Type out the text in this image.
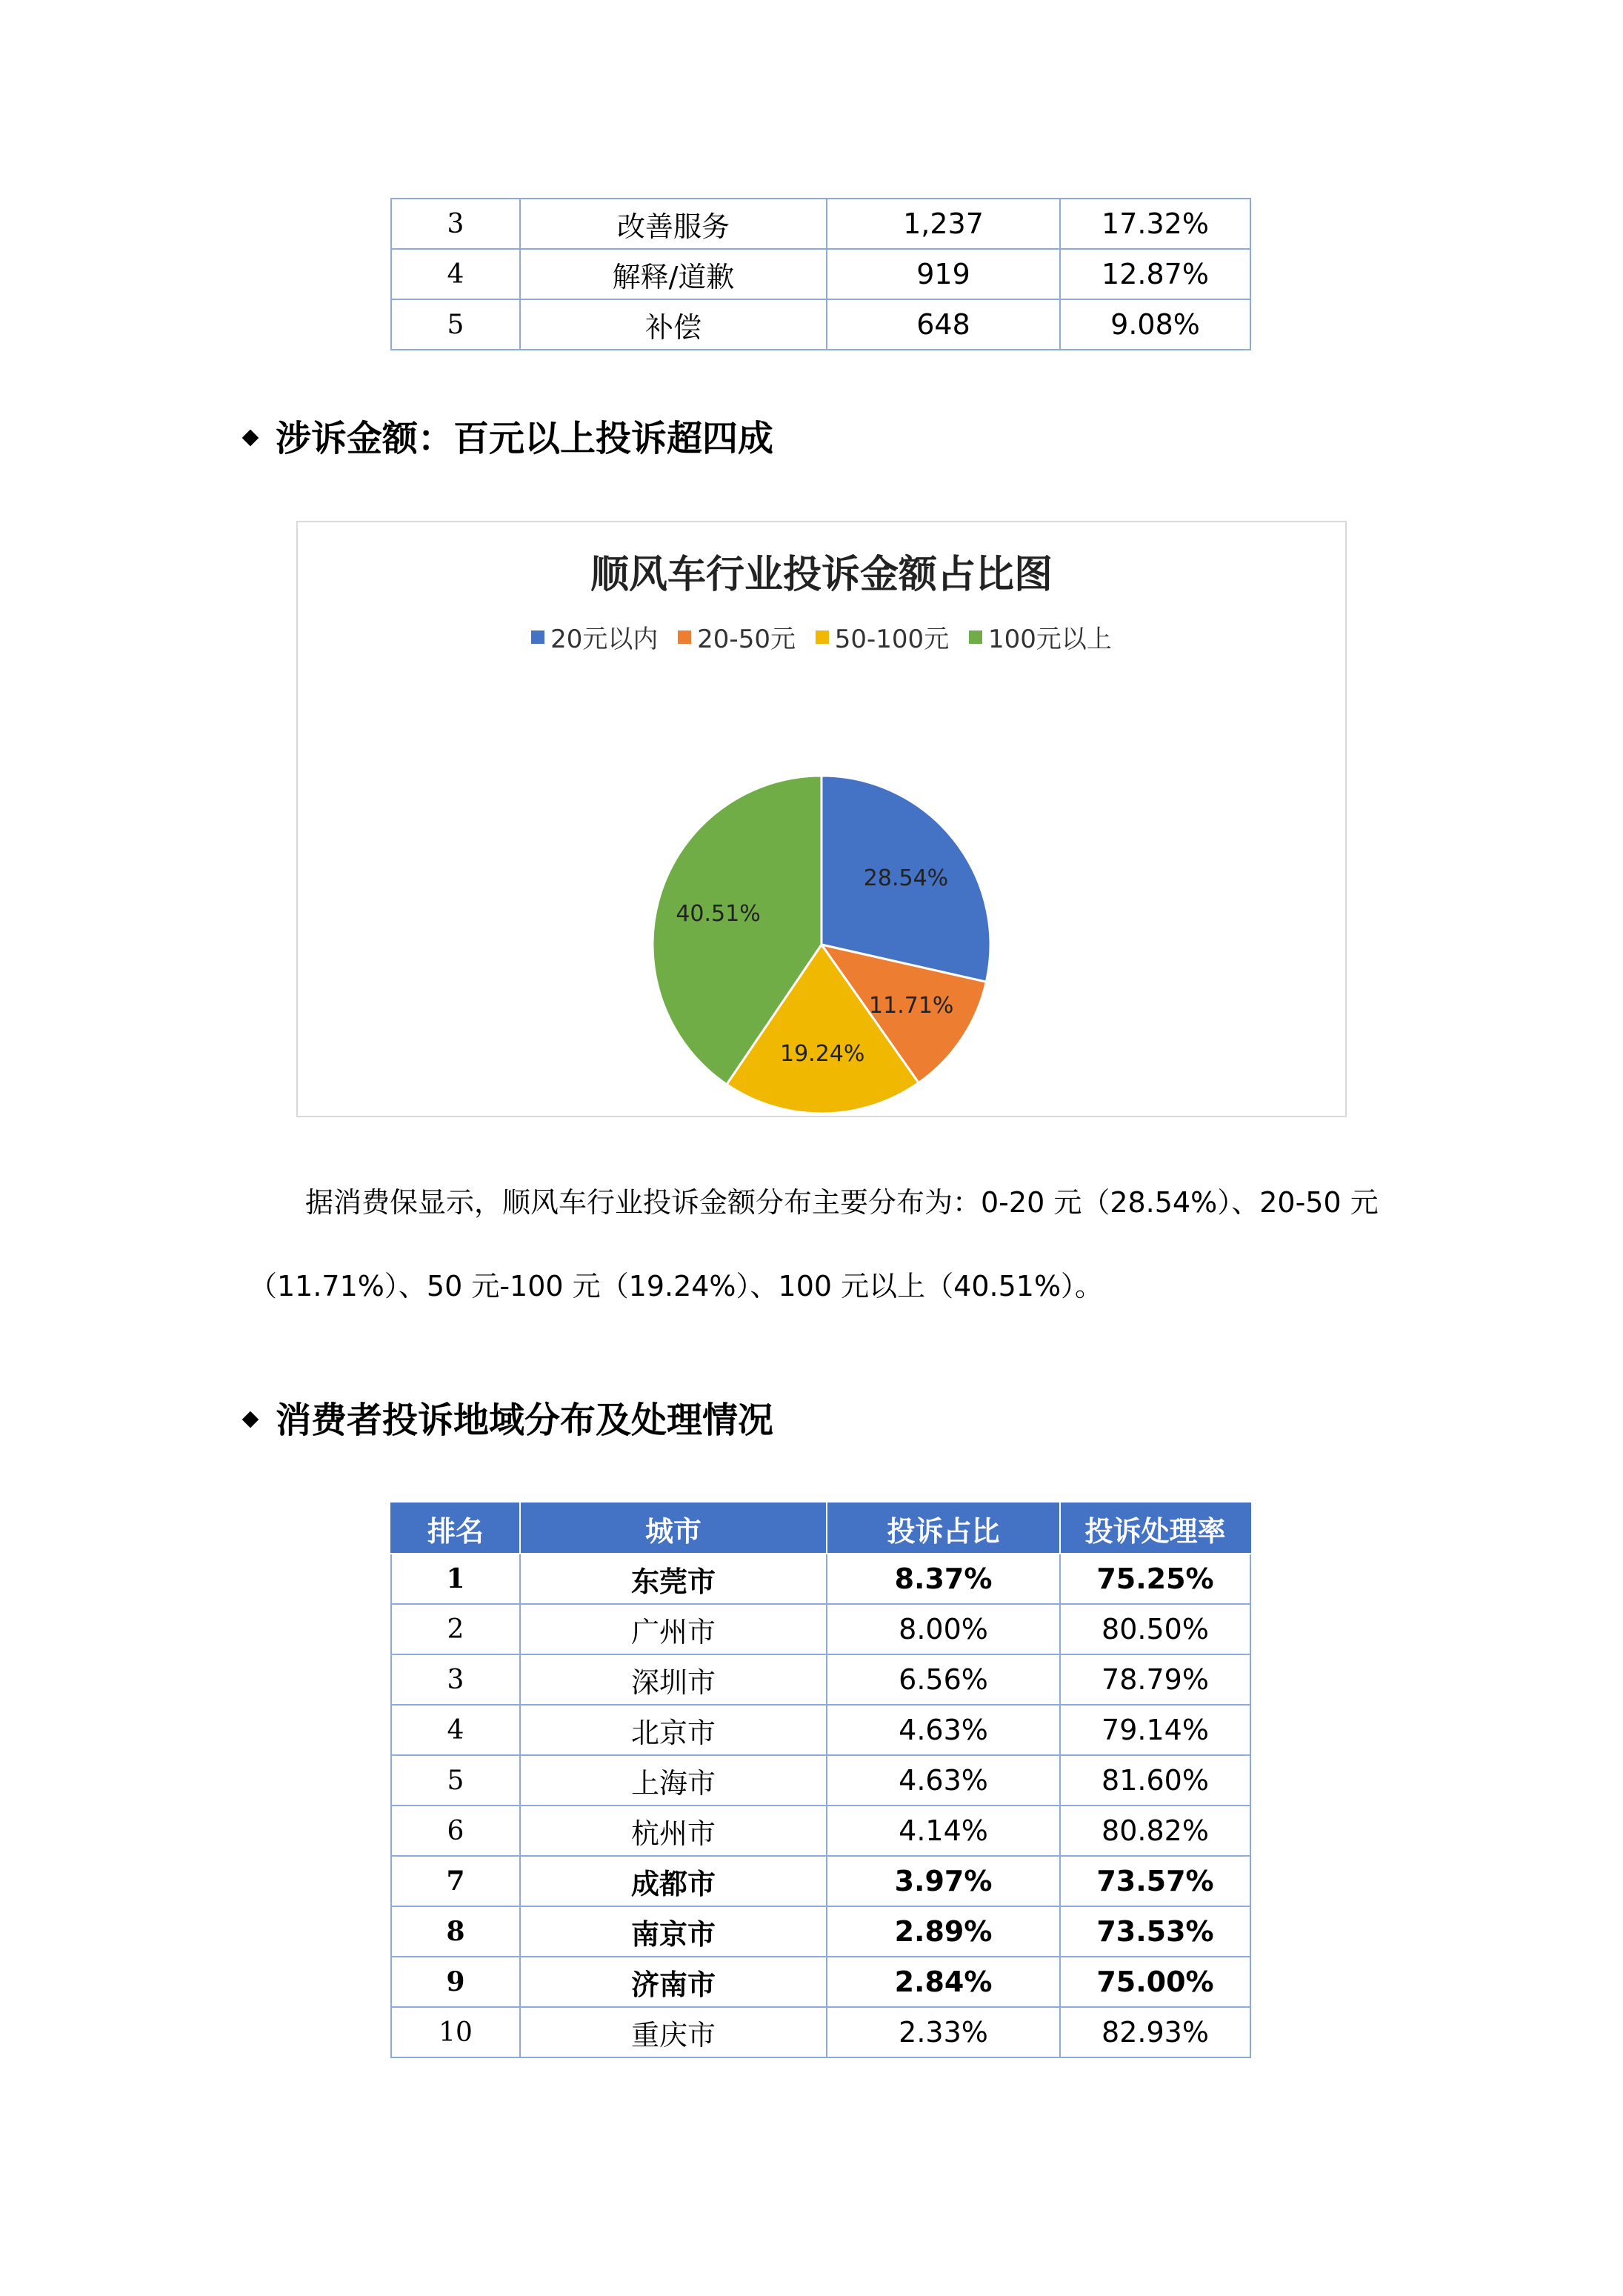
3	改善服务	1,237	17.32%
4	解释/道歉	919	12.87%
5	补偿	648	9.08%
涉诉金额：百元以上投诉超四成
顺风车行业投诉金额占比图
20元以内
20-50元
50-100元
100元以上
28.54%
11.71%
19.24%
40.51%
据消费保显示，顺风车行业投诉金额分布主要分布为：0-20 元（28.54%）、20-50 元
（11.71%）、50 元-100 元（19.24%）、100 元以上（40.51%）。
消费者投诉地域分布及处理情况
排名	城市	投诉占比	投诉处理率
1	东莞市	8.37%	75.25%
2	广州市	8.00%	80.50%
3	深圳市	6.56%	78.79%
4	北京市	4.63%	79.14%
5	上海市	4.63%	81.60%
6	杭州市	4.14%	80.82%
7	成都市	3.97%	73.57%
8	南京市	2.89%	73.53%
9	济南市	2.84%	75.00%
10	重庆市	2.33%	82.93%
